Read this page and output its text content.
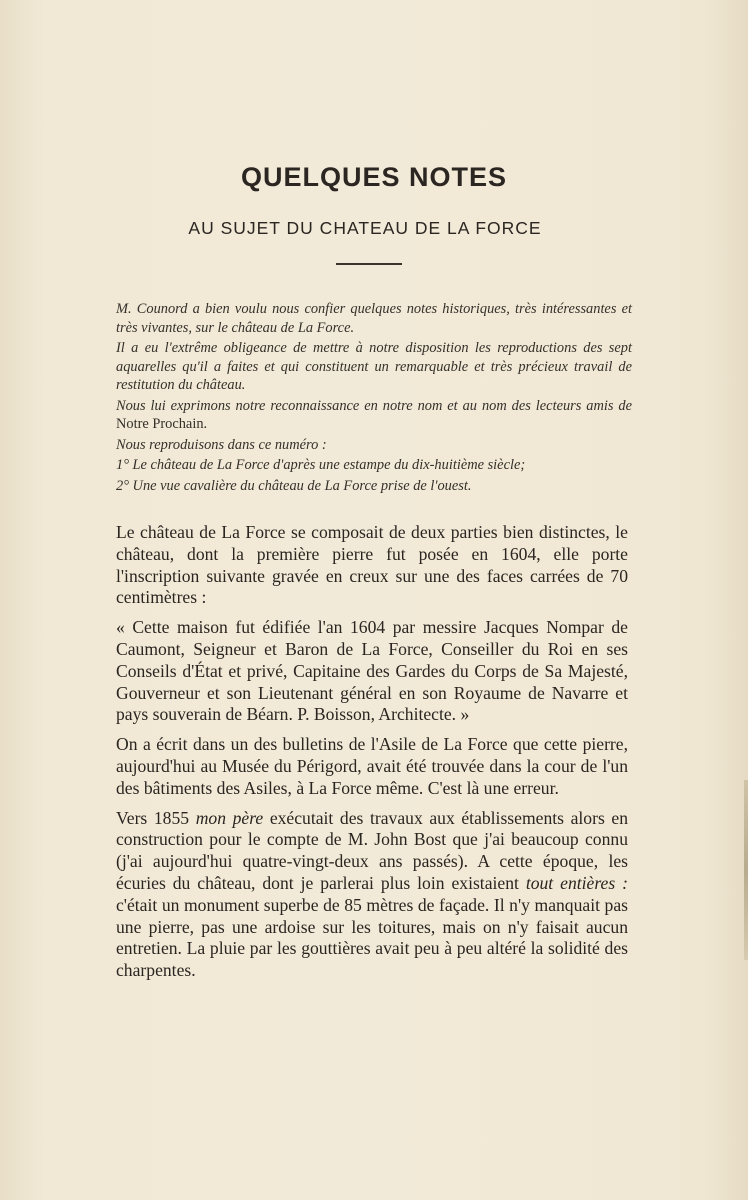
QUELQUES NOTES
AU SUJET DU CHATEAU DE LA FORCE

M. Counord a bien voulu nous confier quelques notes historiques, très intéressantes et très vivantes, sur le château de La Force.

Il a eu l'extrême obligeance de mettre à notre disposition les reproductions des sept aquarelles qu'il a faites et qui constituent un remarquable et très précieux travail de restitution du château.

Nous lui exprimons notre reconnaissance en notre nom et au nom des lecteurs amis de Notre Prochain.

Nous reproduisons dans ce numéro :

1° Le château de La Force d'après une estampe du dix-huitième siècle;

2° Une vue cavalière du château de La Force prise de l'ouest.

Le château de La Force se composait de deux parties bien distinctes, le château, dont la première pierre fut posée en 1604, elle porte l'inscription suivante gravée en creux sur une des faces carrées de 70 centimètres :

« Cette maison fut édifiée l'an 1604 par messire Jacques Nompar de Caumont, Seigneur et Baron de La Force, Conseiller du Roi en ses Conseils d'État et privé, Capitaine des Gardes du Corps de Sa Majesté, Gouverneur et son Lieutenant général en son Royaume de Navarre et pays souverain de Béarn. P. Boisson, Architecte. »

On a écrit dans un des bulletins de l'Asile de La Force que cette pierre, aujourd'hui au Musée du Périgord, avait été trouvée dans la cour de l'un des bâtiments des Asiles, à La Force même. C'est là une erreur.

Vers 1855 mon père exécutait des travaux aux établissements alors en construction pour le compte de M. John Bost que j'ai beaucoup connu (j'ai aujourd'hui quatre-vingt-deux ans passés). A cette époque, les écuries du château, dont je parlerai plus loin existaient tout entières : c'était un monument superbe de 85 mètres de façade. Il n'y manquait pas une pierre, pas une ardoise sur les toitures, mais on n'y faisait aucun entretien. La pluie par les gouttières avait peu à peu altéré la solidité des charpentes.
